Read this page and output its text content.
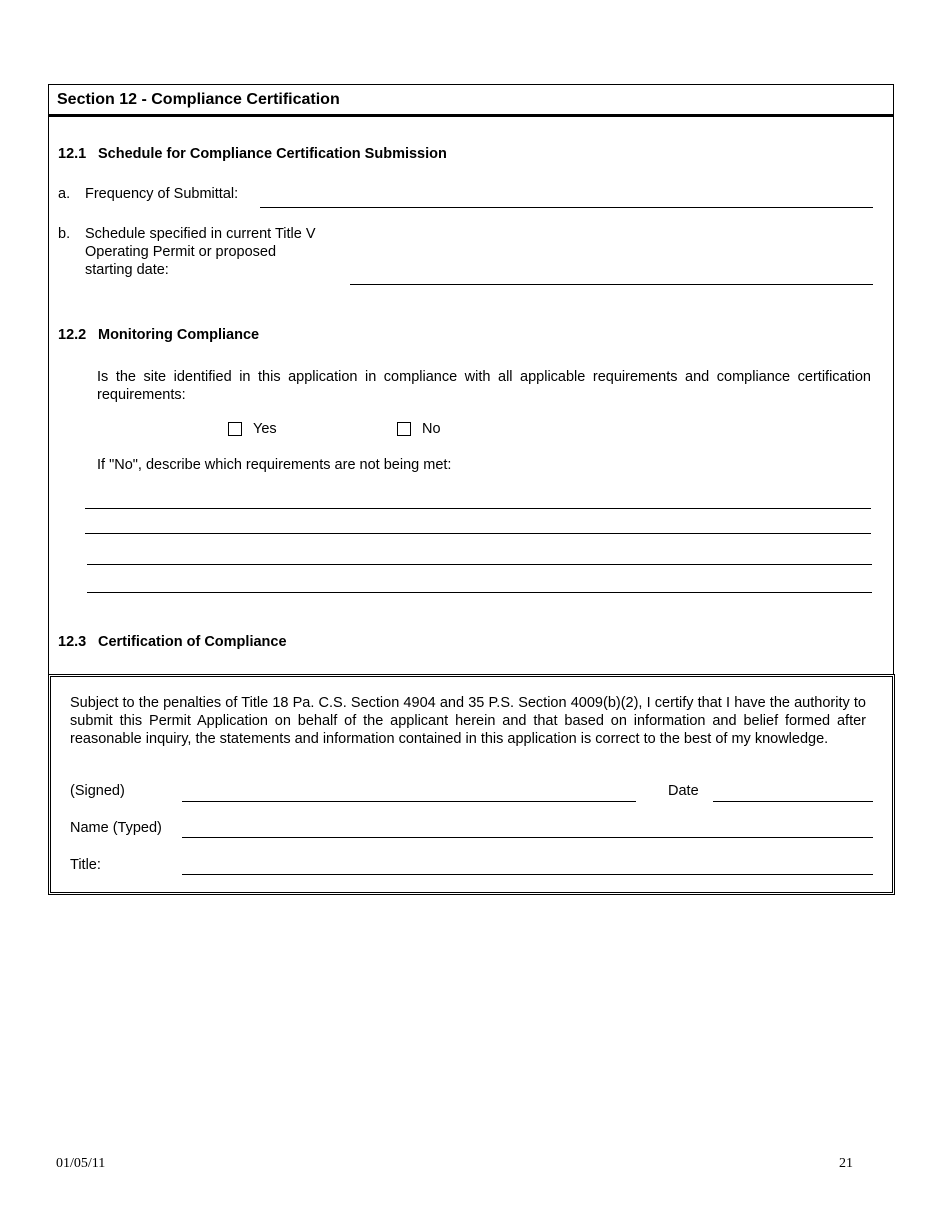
Section 12 - Compliance Certification
12.1 Schedule for Compliance Certification Submission
a. Frequency of Submittal:
b. Schedule specified in current Title V
Operating Permit or proposed
starting date:
12.2 Monitoring Compliance
Is the site identified in this application in compliance with all applicable requirements and compliance certification requirements:
Yes	No
If "No", describe which requirements are not being met:
12.3 Certification of Compliance
Subject to the penalties of Title 18 Pa. C.S. Section 4904 and 35 P.S. Section 4009(b)(2), I certify that I have the authority to submit this Permit Application on behalf of the applicant herein and that based on information and belief formed after reasonable inquiry, the statements and information contained in this application is correct to the best of my knowledge.
(Signed)	Date
Name (Typed)
Title:
01/05/11	21
